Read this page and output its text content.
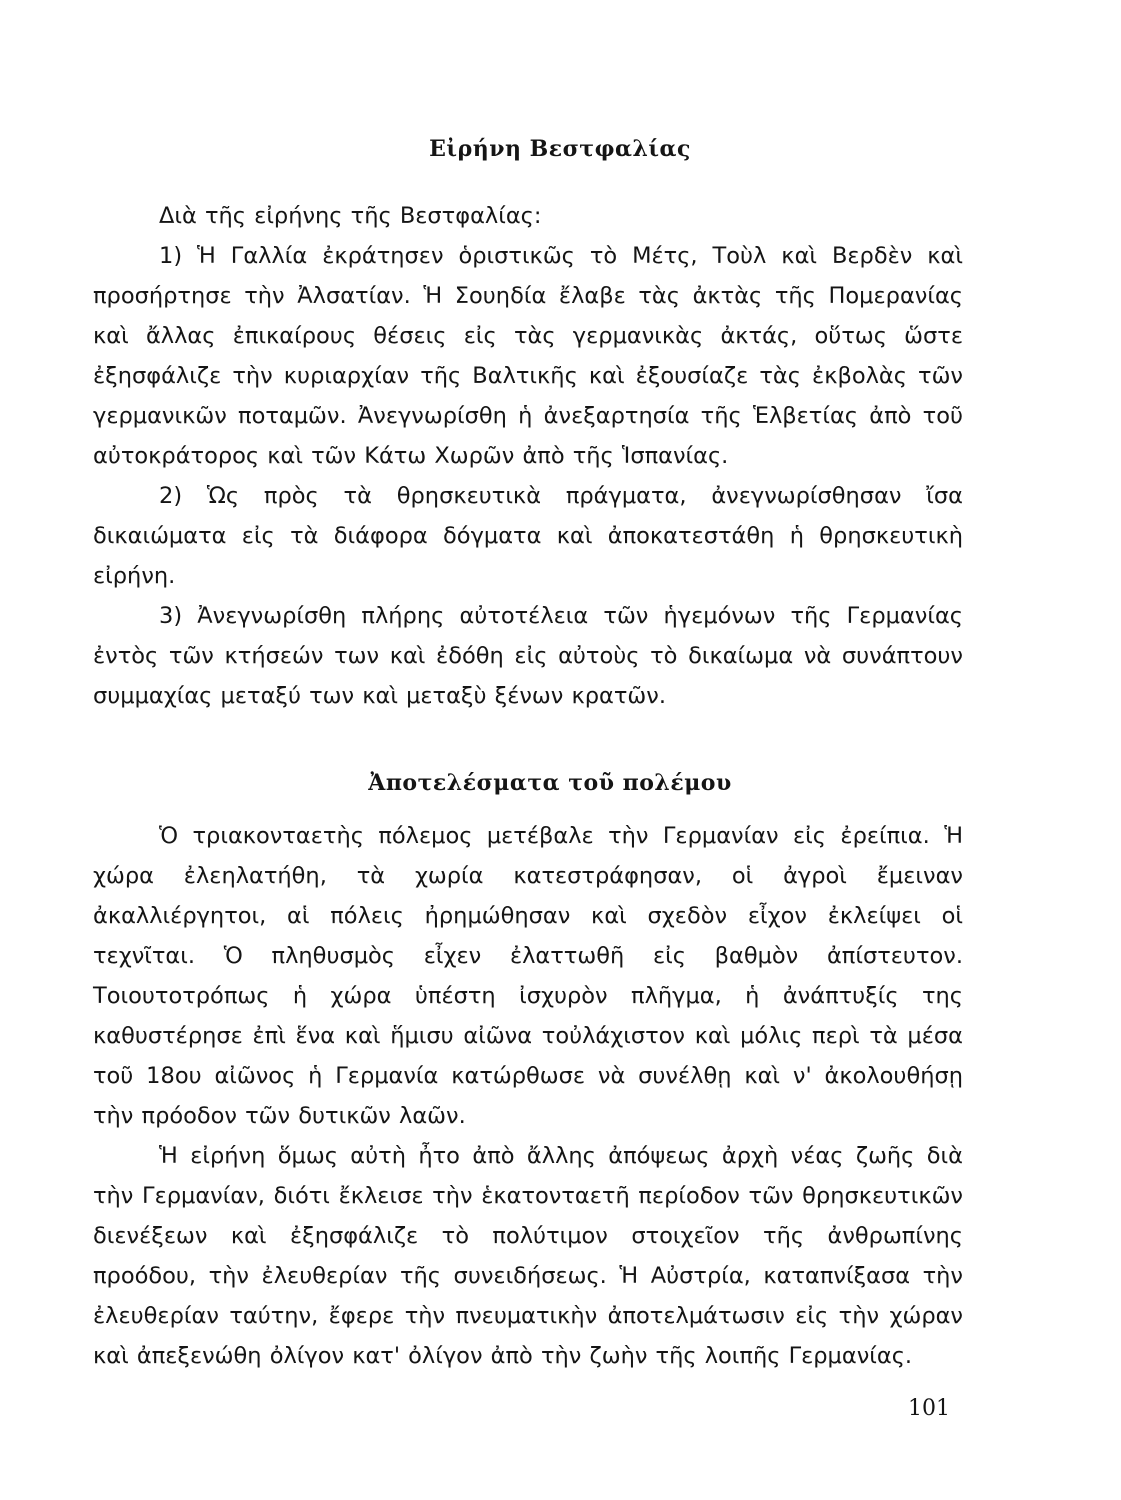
Εἰρήνη Βεστφαλίας

Διὰ τῆς εἰρήνης τῆς Βεστφαλίας:

1) Ἡ Γαλλία ἐκράτησεν ὁριστικῶς τὸ Μέτς, Τοὺλ καὶ Βερδὲν καὶ προσήρτησε τὴν Ἀλσατίαν. Ἡ Σουηδία ἔλαβε τὰς ἀκτὰς τῆς Πομερανίας καὶ ἄλλας ἐπικαίρους θέσεις εἰς τὰς γερμανικὰς ἀκτάς, οὕτως ὥστε ἐξησφάλιζε τὴν κυριαρχίαν τῆς Βαλτικῆς καὶ ἐξουσίαζε τὰς ἐκβολὰς τῶν γερμανικῶν ποταμῶν. Ἀνεγνωρίσθη ἡ ἀνεξαρτησία τῆς Ἑλβετίας ἀπὸ τοῦ αὐτοκράτορος καὶ τῶν Κάτω Χωρῶν ἀπὸ τῆς Ἱσπανίας.

2) Ὡς πρὸς τὰ θρησκευτικὰ πράγματα, ἀνεγνωρίσθησαν ἴσα δικαιώματα εἰς τὰ διάφορα δόγματα καὶ ἀποκατεστάθη ἡ θρησκευτικὴ εἰρήνη.

3) Ἀνεγνωρίσθη πλήρης αὐτοτέλεια τῶν ἡγεμόνων τῆς Γερμανίας ἐντὸς τῶν κτήσεών των καὶ ἐδόθη εἰς αὐτοὺς τὸ δικαίωμα νὰ συνάπτουν συμμαχίας μεταξύ των καὶ μεταξὺ ξένων κρατῶν.

Ἀποτελέσματα τοῦ πολέμου

Ὁ τριακονταετὴς πόλεμος μετέβαλε τὴν Γερμανίαν εἰς ἐρείπια. Ἡ χώρα ἐλεηλατήθη, τὰ χωρία κατεστράφησαν, οἱ ἀγροὶ ἔμειναν ἀκαλλιέργητοι, αἱ πόλεις ἠρημώθησαν καὶ σχεδὸν εἶχον ἐκλείψει οἱ τεχνῖται. Ὁ πληθυσμὸς εἶχεν ἐλαττωθῆ εἰς βαθμὸν ἀπίστευτον. Τοιουτοτρόπως ἡ χώρα ὑπέστη ἰσχυρὸν πλῆγμα, ἡ ἀνάπτυξίς της καθυστέρησε ἐπὶ ἕνα καὶ ἥμισυ αἰῶνα τοὐλάχιστον καὶ μόλις περὶ τὰ μέσα τοῦ 18ου αἰῶνος ἡ Γερμανία κατώρθωσε νὰ συνέλθῃ καὶ ν' ἀκολουθήσῃ τὴν πρόοδον τῶν δυτικῶν λαῶν.

Ἡ εἰρήνη ὅμως αὐτὴ ἦτο ἀπὸ ἄλλης ἀπόψεως ἀρχὴ νέας ζωῆς διὰ τὴν Γερμανίαν, διότι ἔκλεισε τὴν ἑκατονταετῆ περίοδον τῶν θρησκευτικῶν διενέξεων καὶ ἐξησφάλιζε τὸ πολύτιμον στοιχεῖον τῆς ἀνθρωπίνης προόδου, τὴν ἐλευθερίαν τῆς συνειδήσεως. Ἡ Αὐστρία, καταπνίξασα τὴν ἐλευθερίαν ταύτην, ἔφερε τὴν πνευματικὴν ἀποτελμάτωσιν εἰς τὴν χώραν καὶ ἀπεξενώθη ὀλίγον κατ' ὀλίγον ἀπὸ τὴν ζωὴν τῆς λοιπῆς Γερμανίας.

101
